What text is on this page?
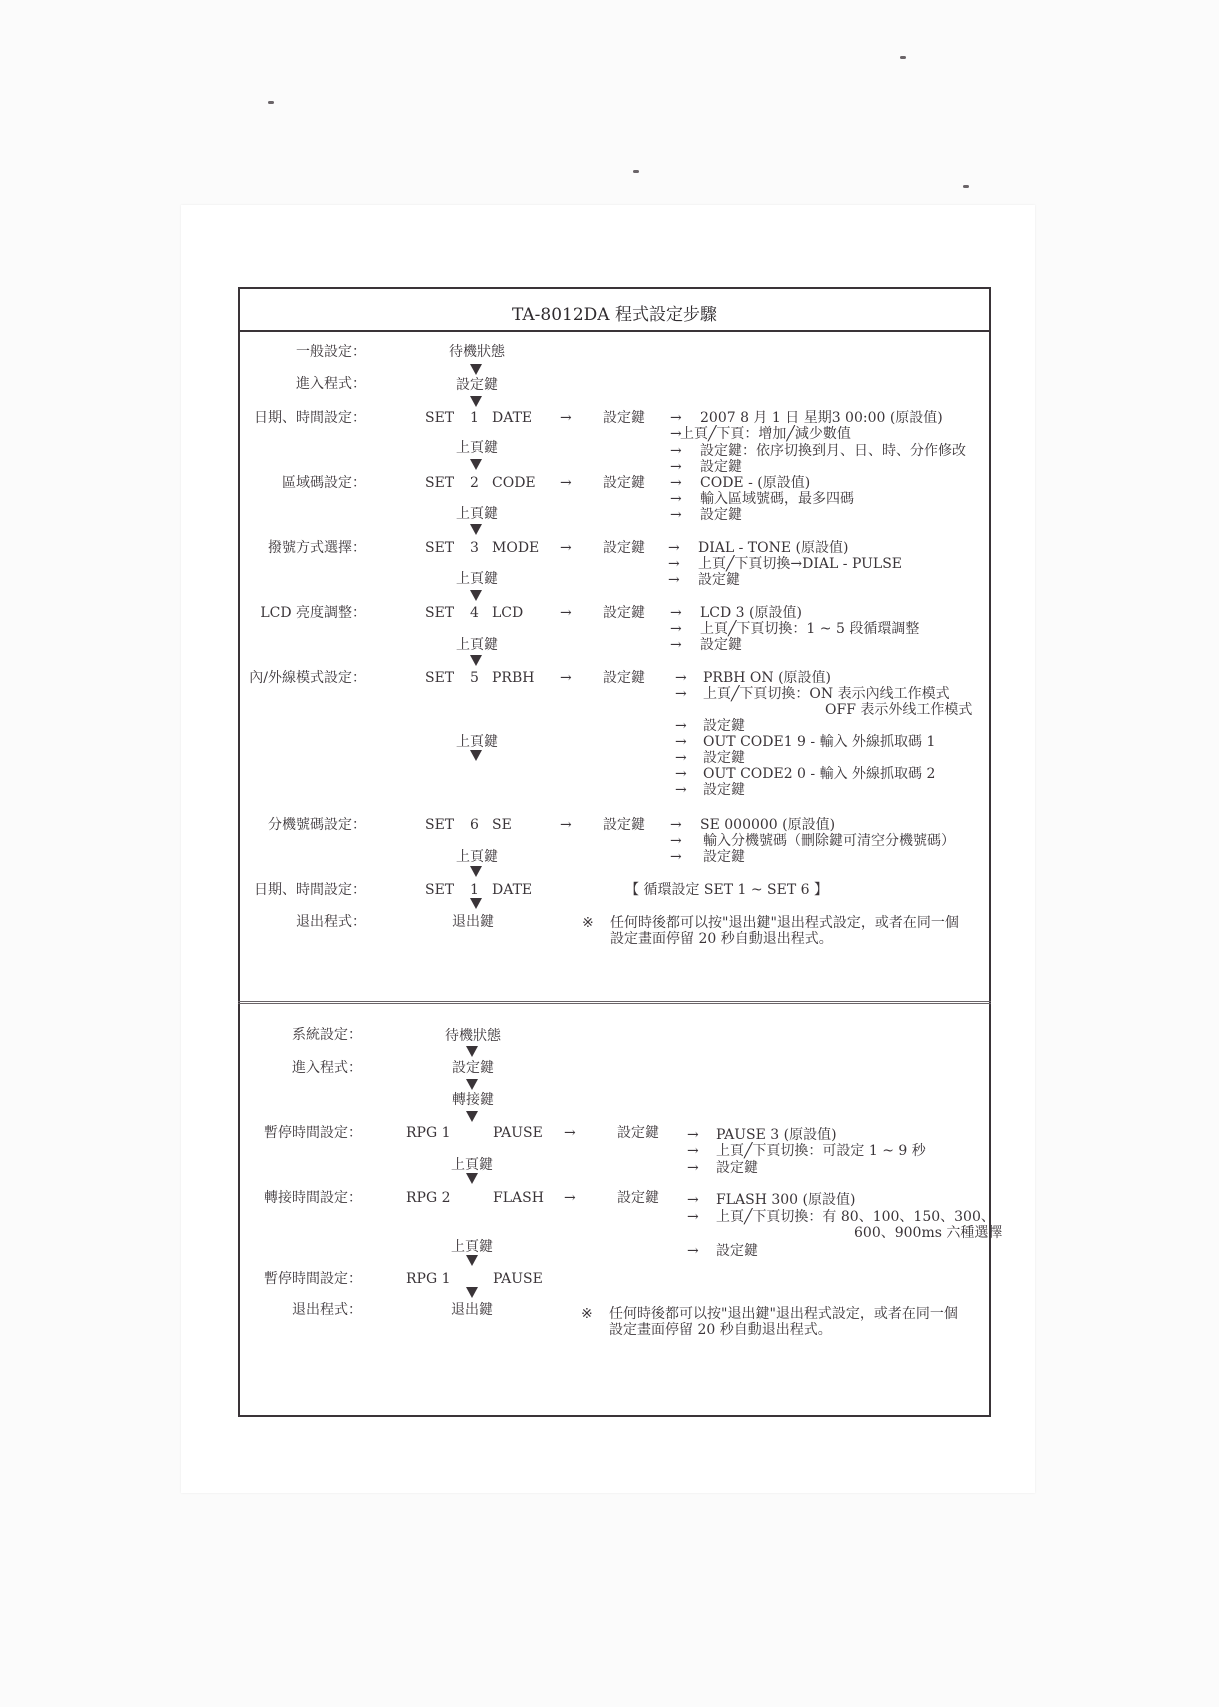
TA-8012DA 程式設定步驟
一般設定：	待機狀態
進入程式：	設定鍵
日期、時間設定：	SET 1 DATE → 設定鍵 → 2007 8 月 1 日 星期3 00:00 (原設值)
→
上頁╱下頁：增加╱減少數值
→ 設定鍵：依序切換到月、日、時、分作修改
→ 設定鍵
上頁鍵
區域碼設定：	SET 2 CODE → 設定鍵 → CODE - (原設值)
→ 輸入區域號碼，最多四碼
→ 設定鍵
上頁鍵
撥號方式選擇：	SET 3 MODE → 設定鍵 → DIAL - TONE (原設值)
→ 上頁╱下頁切換→DIAL - PULSE
→ 設定鍵
上頁鍵
LCD 亮度調整：	SET 4 LCD	→ 設定鍵 → LCD 3 (原設值)
→ 上頁╱下頁切換：1 ~ 5 段循環調整
→ 設定鍵
上頁鍵
內/外線模式設定：	SET 5 PRBH → 設定鍵 → PRBH ON (原設值)
→ 上頁╱下頁切換：ON 表示內线工作模式
OFF 表示外线工作模式
→ 設定鍵
→ OUT CODE1 9 - 輸入 外線抓取碼 1
→ 設定鍵
→ OUT CODE2 0 - 輸入 外線抓取碼 2
→ 設定鍵
上頁鍵
分機號碼設定：	SET 6 SE	→ 設定鍵 → SE 000000 (原設值)
→ 輸入分機號碼（刪除鍵可清空分機號碼）
→ 設定鍵
上頁鍵
日期、時間設定：	SET 1 DATE	【 循環設定 SET 1 ~ SET 6 】
退出程式：	退出鍵	※ 任何時後都可以按"退出鍵"退出程式設定，或者在同一個
設定畫面停留 20 秒自動退出程式。
系統設定：	待機狀態
進入程式：	設定鍵
轉接鍵
暫停時間設定：	RPG 1	PAUSE →	設定鍵 → PAUSE 3 (原設值)
→ 上頁╱下頁切換：可設定 1 ~ 9 秒
→ 設定鍵
上頁鍵
轉接時間設定：	RPG 2	FLASH →	設定鍵 → FLASH 300 (原設值)
→ 上頁╱下頁切換：有 80、100、150、300、
600、900ms 六種選擇
→ 設定鍵
上頁鍵
暫停時間設定：	RPG 1	PAUSE
退出程式：	退出鍵	※ 任何時後都可以按"退出鍵"退出程式設定，或者在同一個
設定畫面停留 20 秒自動退出程式。
